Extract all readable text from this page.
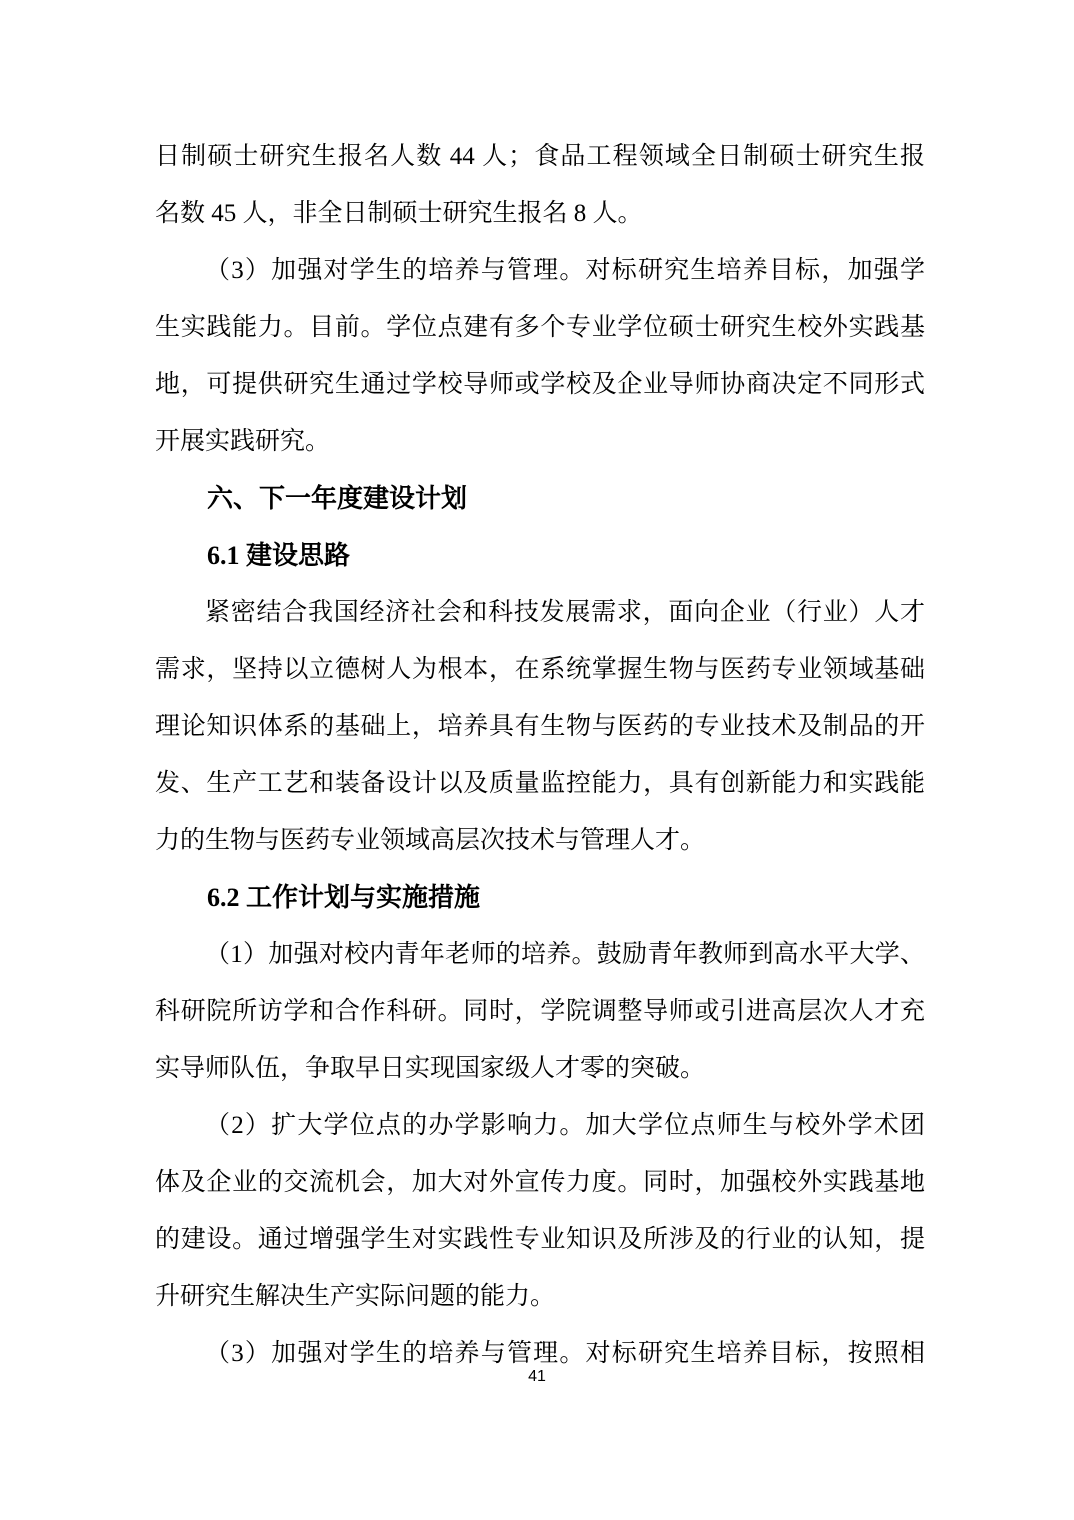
日制硕士研究生报名人数 44 人；食品工程领域全日制硕士研究生报
名数 45 人，非全日制硕士研究生报名 8 人。
（3）加强对学生的培养与管理。对标研究生培养目标，加强学
生实践能力。目前。学位点建有多个专业学位硕士研究生校外实践基
地，可提供研究生通过学校导师或学校及企业导师协商决定不同形式
开展实践研究。
六、下一年度建设计划
6.1 建设思路
紧密结合我国经济社会和科技发展需求，面向企业（行业）人才
需求，坚持以立德树人为根本，在系统掌握生物与医药专业领域基础
理论知识体系的基础上，培养具有生物与医药的专业技术及制品的开
发、生产工艺和装备设计以及质量监控能力，具有创新能力和实践能
力的生物与医药专业领域高层次技术与管理人才。
6.2 工作计划与实施措施
（1）加强对校内青年老师的培养。鼓励青年教师到高水平大学、
科研院所访学和合作科研。同时，学院调整导师或引进高层次人才充
实导师队伍，争取早日实现国家级人才零的突破。
（2）扩大学位点的办学影响力。加大学位点师生与校外学术团
体及企业的交流机会，加大对外宣传力度。同时，加强校外实践基地
的建设。通过增强学生对实践性专业知识及所涉及的行业的认知，提
升研究生解决生产实际问题的能力。
（3）加强对学生的培养与管理。对标研究生培养目标，按照相
41
